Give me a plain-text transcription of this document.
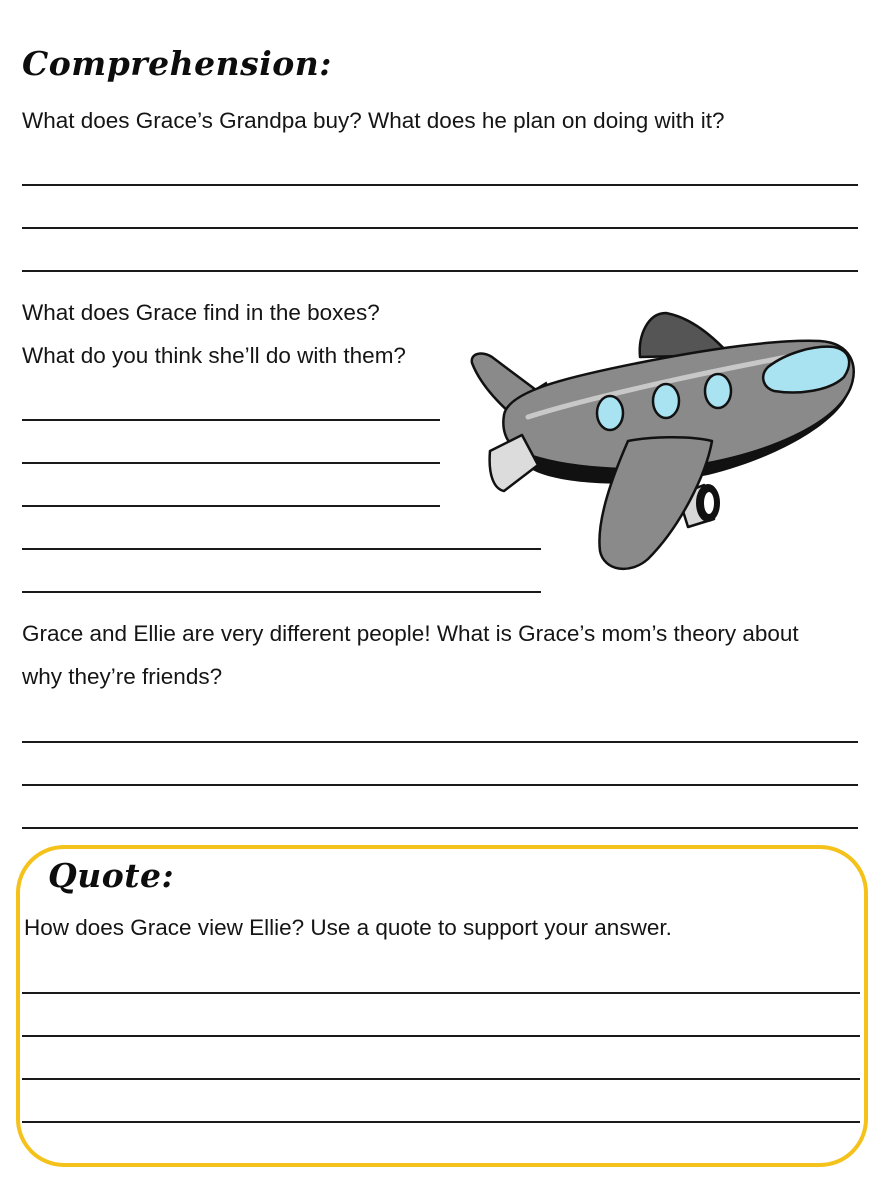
Comprehension:

What does Grace’s Grandpa buy? What does he plan on doing with it?

What does Grace find in the boxes?

What do you think she’ll do with them?

Grace and Ellie are very different people! What is Grace’s mom’s theory about

why they’re friends?

Quote:

How does Grace view Ellie? Use a quote to support your answer.
